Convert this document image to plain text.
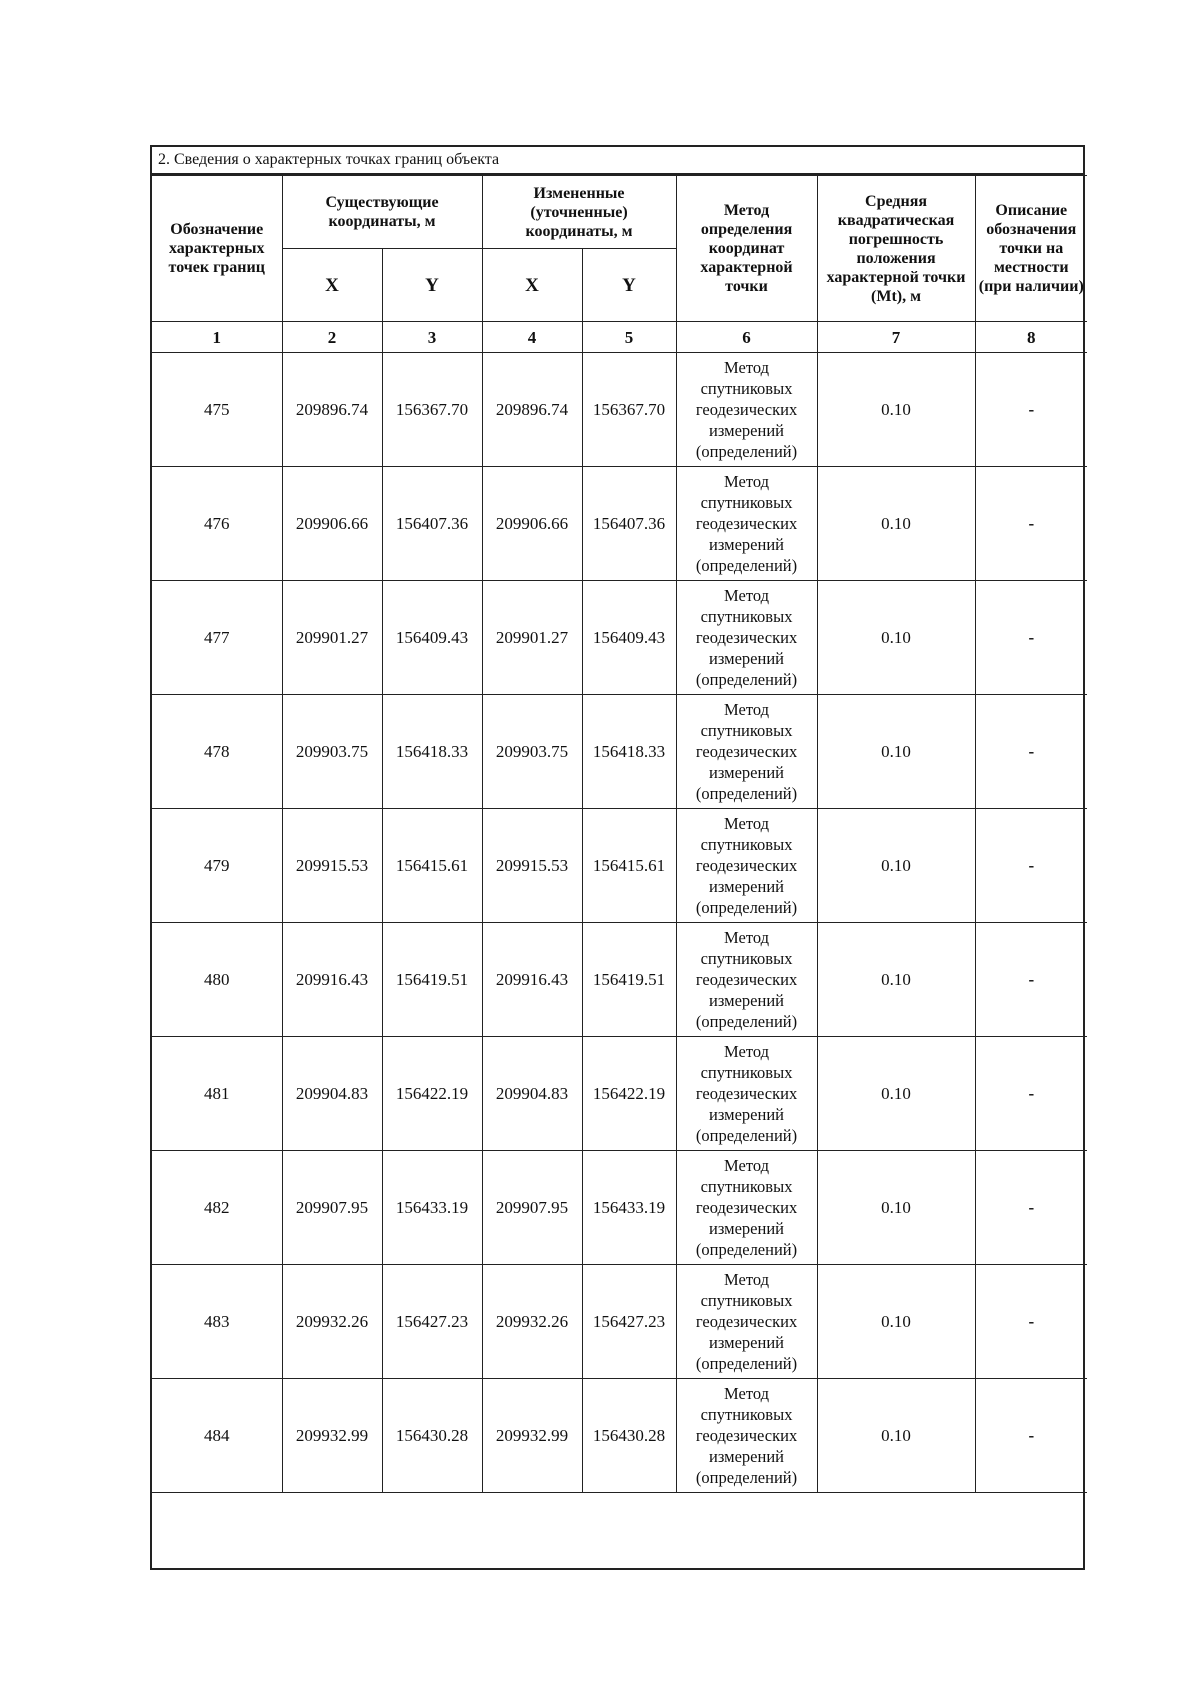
2. Сведения о характерных точках границ объекта
Обозначение характерных точек границ	Существующие координаты, м		Измененные (уточненные) координаты, м		Метод определения координат характерной точки	Средняя квадратическая погрешность положения характерной точки (Mt), м	Описание обозначения точки на местности (при наличии)
	X	Y	X	Y			
1	2	3	4	5	6	7	8
475	209896.74	156367.70	209896.74	156367.70	Метод
спутниковых
геодезических
измерений
(определений)	0.10	-
476	209906.66	156407.36	209906.66	156407.36	Метод
спутниковых
геодезических
измерений
(определений)	0.10	-
477	209901.27	156409.43	209901.27	156409.43	Метод
спутниковых
геодезических
измерений
(определений)	0.10	-
478	209903.75	156418.33	209903.75	156418.33	Метод
спутниковых
геодезических
измерений
(определений)	0.10	-
479	209915.53	156415.61	209915.53	156415.61	Метод
спутниковых
геодезических
измерений
(определений)	0.10	-
480	209916.43	156419.51	209916.43	156419.51	Метод
спутниковых
геодезических
измерений
(определений)	0.10	-
481	209904.83	156422.19	209904.83	156422.19	Метод
спутниковых
геодезических
измерений
(определений)	0.10	-
482	209907.95	156433.19	209907.95	156433.19	Метод
спутниковых
геодезических
измерений
(определений)	0.10	-
483	209932.26	156427.23	209932.26	156427.23	Метод
спутниковых
геодезических
измерений
(определений)	0.10	-
484	209932.99	156430.28	209932.99	156430.28	Метод
спутниковых
геодезических
измерений
(определений)	0.10	-
